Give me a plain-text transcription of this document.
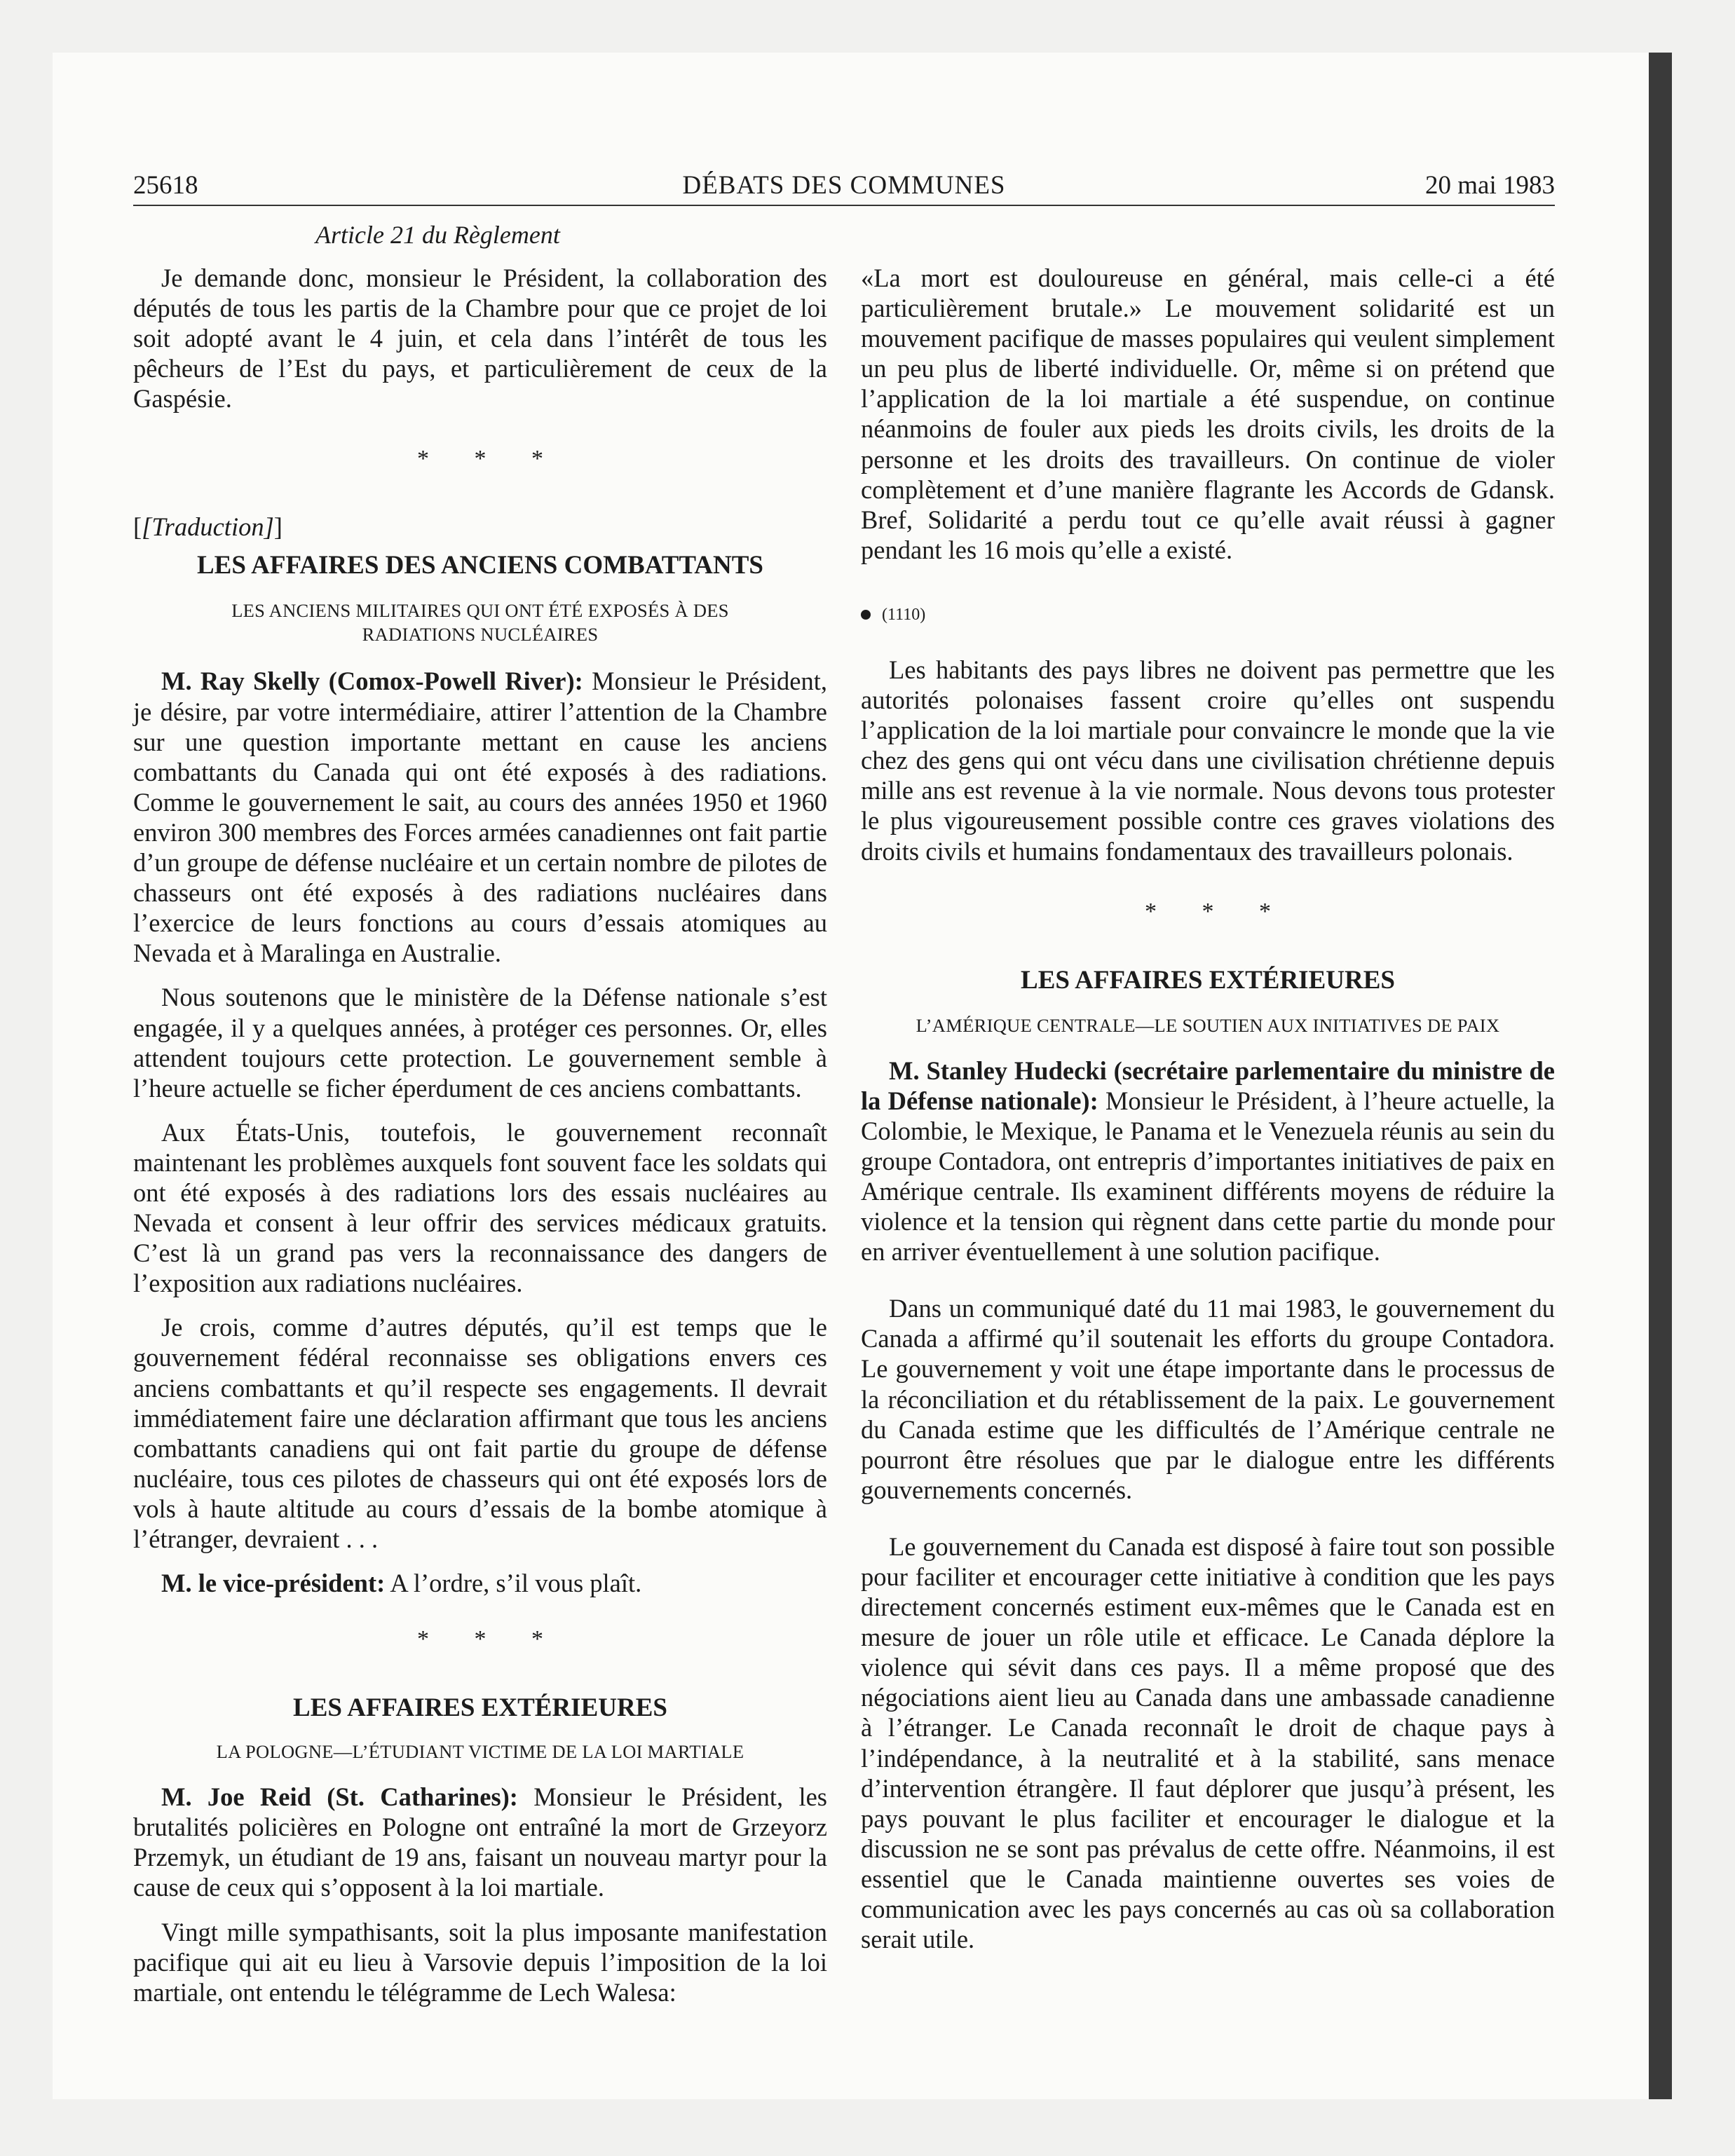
25618	DÉBATS DES COMMUNES	20 mai 1983
Article 21 du Règlement

Je demande donc, monsieur le Président, la collaboration des députés de tous les partis de la Chambre pour que ce projet de loi soit adopté avant le 4 juin, et cela dans l’intérêt de tous les pêcheurs de l’Est du pays, et particulièrement de ceux de la Gaspésie.

* * *
[[Traduction]]
LES AFFAIRES DES ANCIENS COMBATTANTS
LES ANCIENS MILITAIRES QUI ONT ÉTÉ EXPOSÉS À DES RADIATIONS NUCLÉAIRES

M. Ray Skelly (Comox-Powell River): Monsieur le Président, je désire, par votre intermédiaire, attirer l’attention de la Chambre sur une question importante mettant en cause les anciens combattants du Canada qui ont été exposés à des radiations. Comme le gouvernement le sait, au cours des années 1950 et 1960 environ 300 membres des Forces armées canadiennes ont fait partie d’un groupe de défense nucléaire et un certain nombre de pilotes de chasseurs ont été exposés à des radiations nucléaires dans l’exercice de leurs fonctions au cours d’essais atomiques au Nevada et à Maralinga en Australie.

Nous soutenons que le ministère de la Défense nationale s’est engagée, il y a quelques années, à protéger ces personnes. Or, elles attendent toujours cette protection. Le gouvernement semble à l’heure actuelle se ficher éperdument de ces anciens combattants.

Aux États-Unis, toutefois, le gouvernement reconnaît maintenant les problèmes auxquels font souvent face les soldats qui ont été exposés à des radiations lors des essais nucléaires au Nevada et consent à leur offrir des services médicaux gratuits. C’est là un grand pas vers la reconnaissance des dangers de l’exposition aux radiations nucléaires.

Je crois, comme d’autres députés, qu’il est temps que le gouvernement fédéral reconnaisse ses obligations envers ces anciens combattants et qu’il respecte ses engagements. Il devrait immédiatement faire une déclaration affirmant que tous les anciens combattants canadiens qui ont fait partie du groupe de défense nucléaire, tous ces pilotes de chasseurs qui ont été exposés lors de vols à haute altitude au cours d’essais de la bombe atomique à l’étranger, devraient . . .

M. le vice-président: A l’ordre, s’il vous plaît.

* * *
LES AFFAIRES EXTÉRIEURES
LA POLOGNE—L’ÉTUDIANT VICTIME DE LA LOI MARTIALE

M. Joe Reid (St. Catharines): Monsieur le Président, les brutalités policières en Pologne ont entraîné la mort de Grzeyorz Przemyk, un étudiant de 19 ans, faisant un nouveau martyr pour la cause de ceux qui s’opposent à la loi martiale.

Vingt mille sympathisants, soit la plus imposante manifestation pacifique qui ait eu lieu à Varsovie depuis l’imposition de la loi martiale, ont entendu le télégramme de Lech Walesa:

«La mort est douloureuse en général, mais celle-ci a été particulièrement brutale.» Le mouvement solidarité est un mouvement pacifique de masses populaires qui veulent simplement un peu plus de liberté individuelle. Or, même si on prétend que l’application de la loi martiale a été suspendue, on continue néanmoins de fouler aux pieds les droits civils, les droits de la personne et les droits des travailleurs. On continue de violer complètement et d’une manière flagrante les Accords de Gdansk. Bref, Solidarité a perdu tout ce qu’elle avait réussi à gagner pendant les 16 mois qu’elle a existé.

(1110)

Les habitants des pays libres ne doivent pas permettre que les autorités polonaises fassent croire qu’elles ont suspendu l’application de la loi martiale pour convaincre le monde que la vie chez des gens qui ont vécu dans une civilisation chrétienne depuis mille ans est revenue à la vie normale. Nous devons tous protester le plus vigoureusement possible contre ces graves violations des droits civils et humains fondamentaux des travailleurs polonais.

* * *
LES AFFAIRES EXTÉRIEURES
L’AMÉRIQUE CENTRALE—LE SOUTIEN AUX INITIATIVES DE PAIX

M. Stanley Hudecki (secrétaire parlementaire du ministre de la Défense nationale): Monsieur le Président, à l’heure actuelle, la Colombie, le Mexique, le Panama et le Venezuela réunis au sein du groupe Contadora, ont entrepris d’importantes initiatives de paix en Amérique centrale. Ils examinent différents moyens de réduire la violence et la tension qui règnent dans cette partie du monde pour en arriver éventuellement à une solution pacifique.

Dans un communiqué daté du 11 mai 1983, le gouvernement du Canada a affirmé qu’il soutenait les efforts du groupe Contadora. Le gouvernement y voit une étape importante dans le processus de la réconciliation et du rétablissement de la paix. Le gouvernement du Canada estime que les difficultés de l’Amérique centrale ne pourront être résolues que par le dialogue entre les différents gouvernements concernés.

Le gouvernement du Canada est disposé à faire tout son possible pour faciliter et encourager cette initiative à condition que les pays directement concernés estiment eux-mêmes que le Canada est en mesure de jouer un rôle utile et efficace. Le Canada déplore la violence qui sévit dans ces pays. Il a même proposé que des négociations aient lieu au Canada dans une ambassade canadienne à l’étranger. Le Canada reconnaît le droit de chaque pays à l’indépendance, à la neutralité et à la stabilité, sans menace d’intervention étrangère. Il faut déplorer que jusqu’à présent, les pays pouvant le plus faciliter et encourager le dialogue et la discussion ne se sont pas prévalus de cette offre. Néanmoins, il est essentiel que le Canada maintienne ouvertes ses voies de communication avec les pays concernés au cas où sa collaboration serait utile.
